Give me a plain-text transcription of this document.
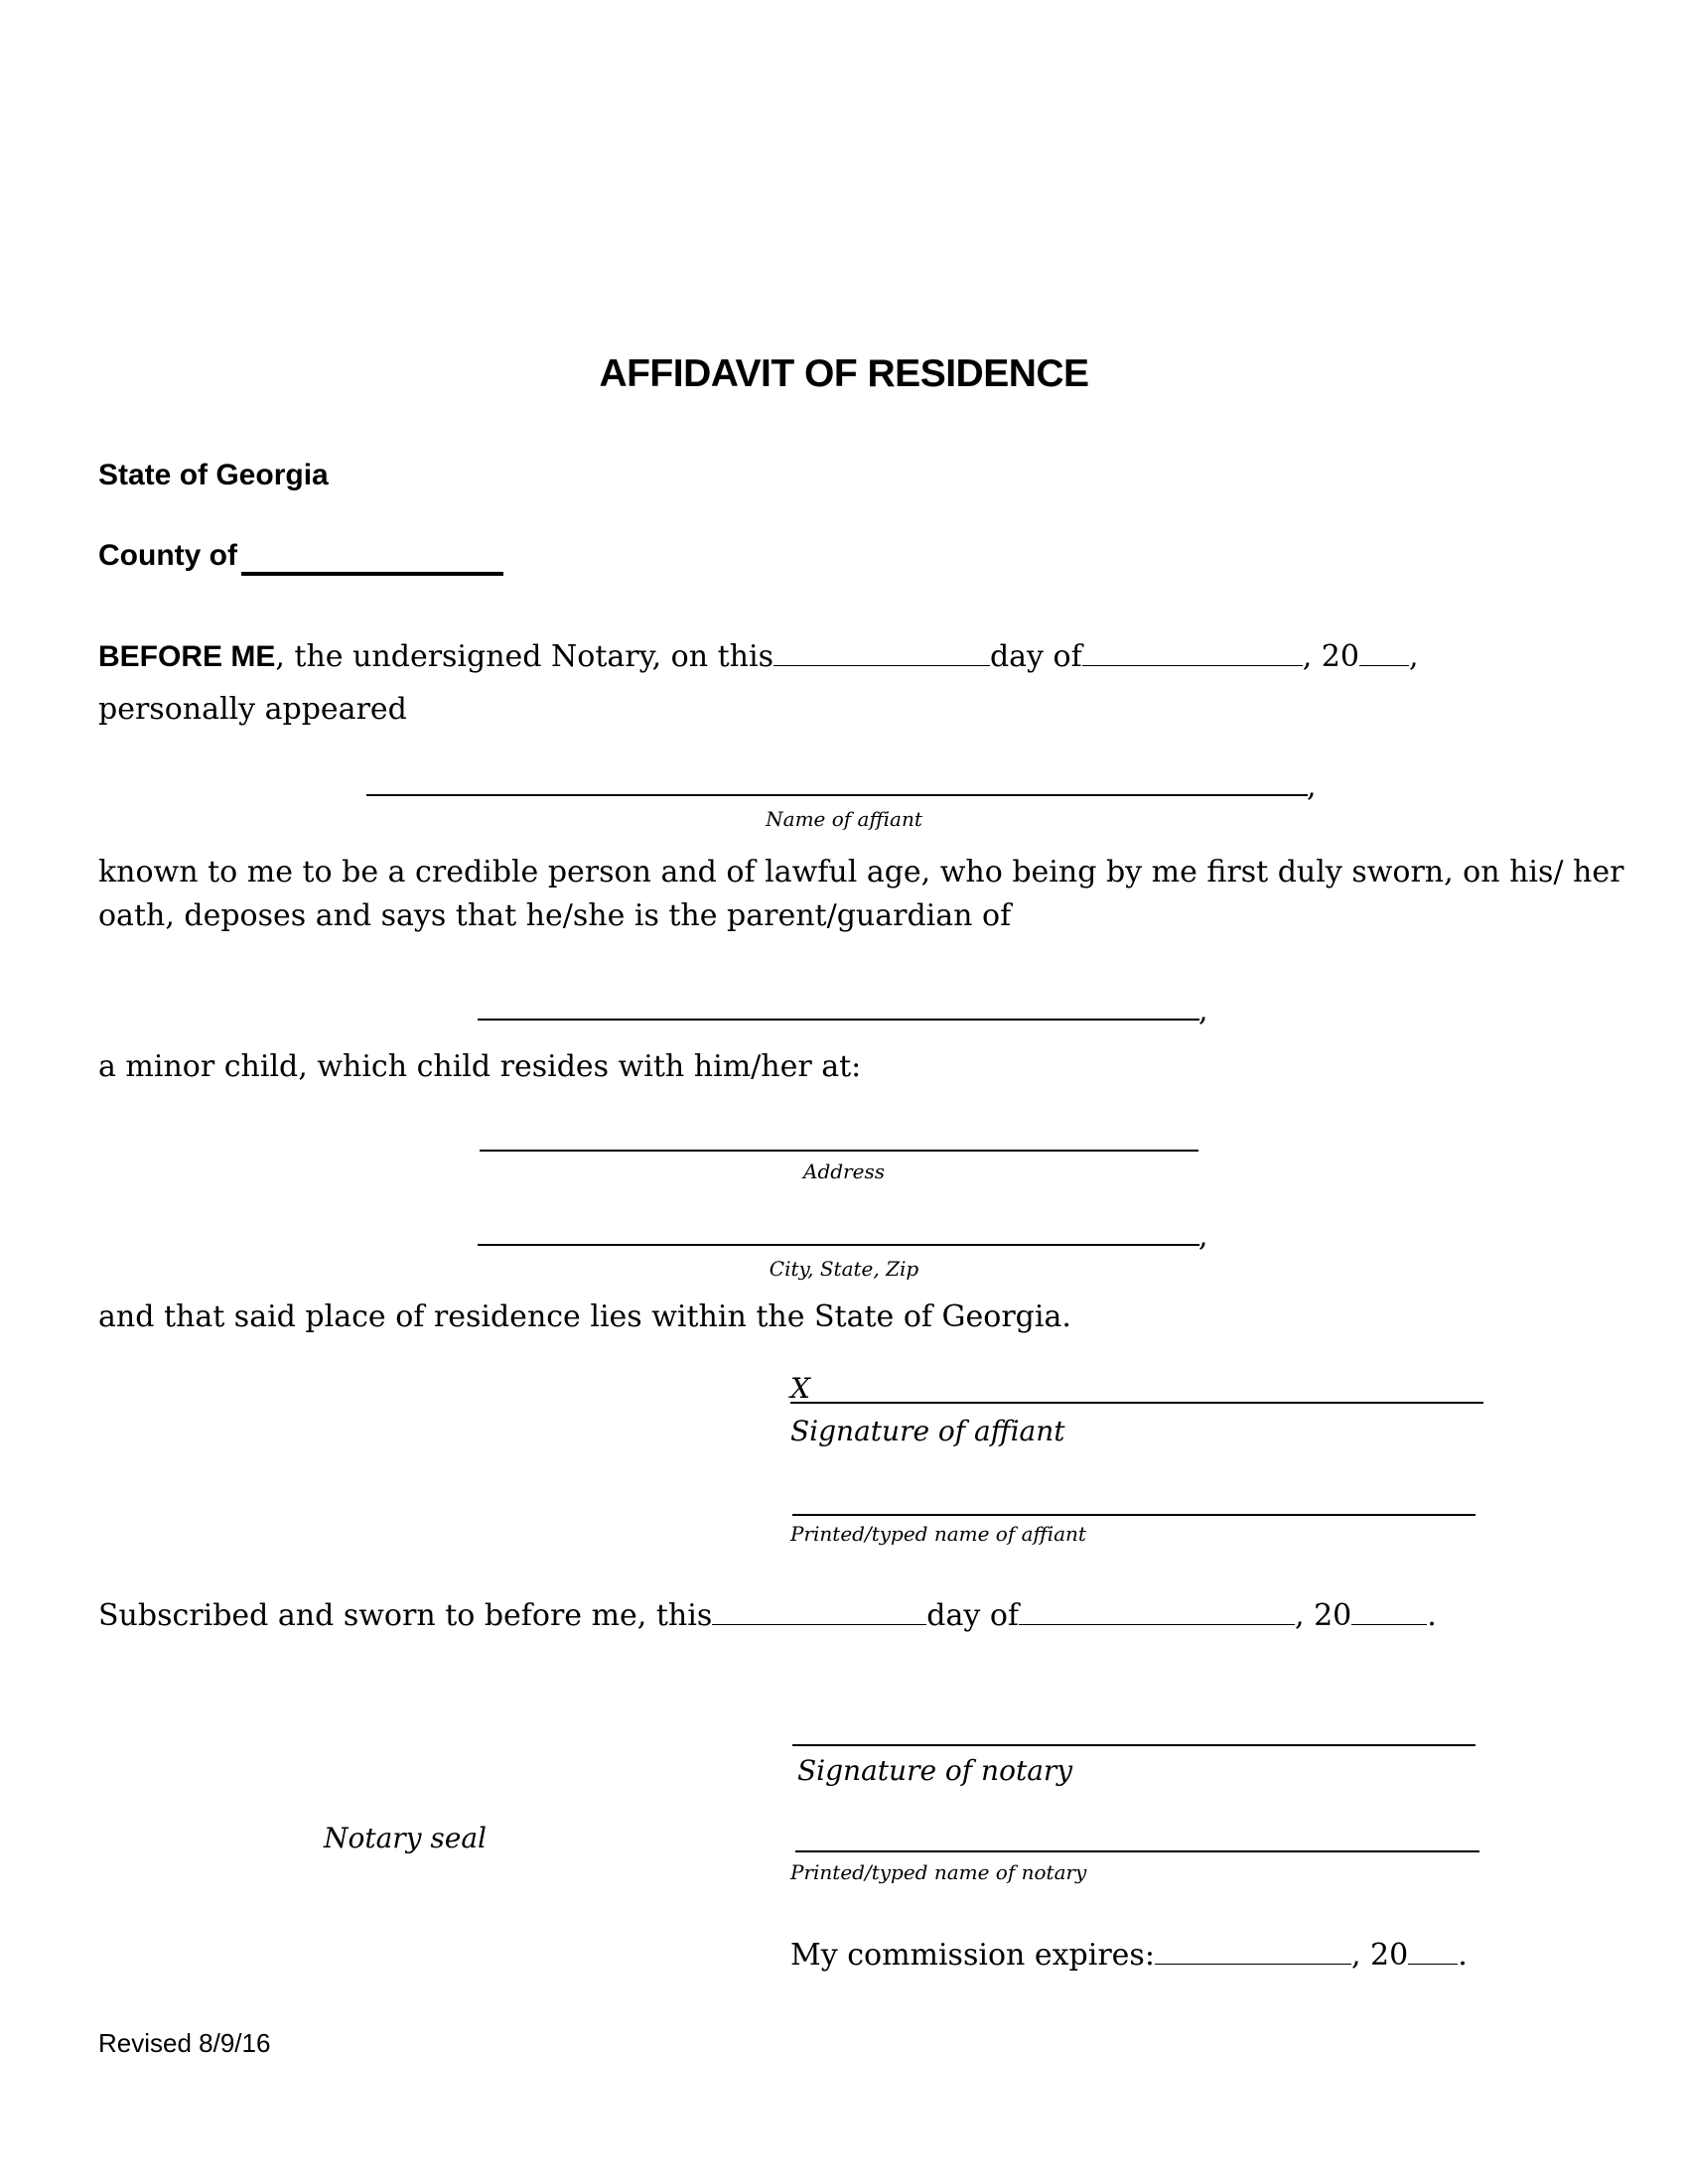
AFFIDAVIT OF RESIDENCE
State of Georgia
County of
BEFORE ME, the undersigned Notary, on this	day of	, 20 ,
personally appeared
,
Name of affiant
known to me to be a credible person and of lawful age, who being by me first duly sworn, on his/ her
oath, deposes and says that he/she is the parent/guardian of
,
a minor child, which child resides with him/her at:
Address
,
City, State, Zip
and that said place of residence lies within the State of Georgia.
X
Signature of affiant
Printed/typed name of affiant
Subscribed and sworn to before me, this	day of	, 20	.
Signature of notary
Notary seal
Printed/typed name of notary
My commission expires:	, 20 .
Revised 8/9/16
